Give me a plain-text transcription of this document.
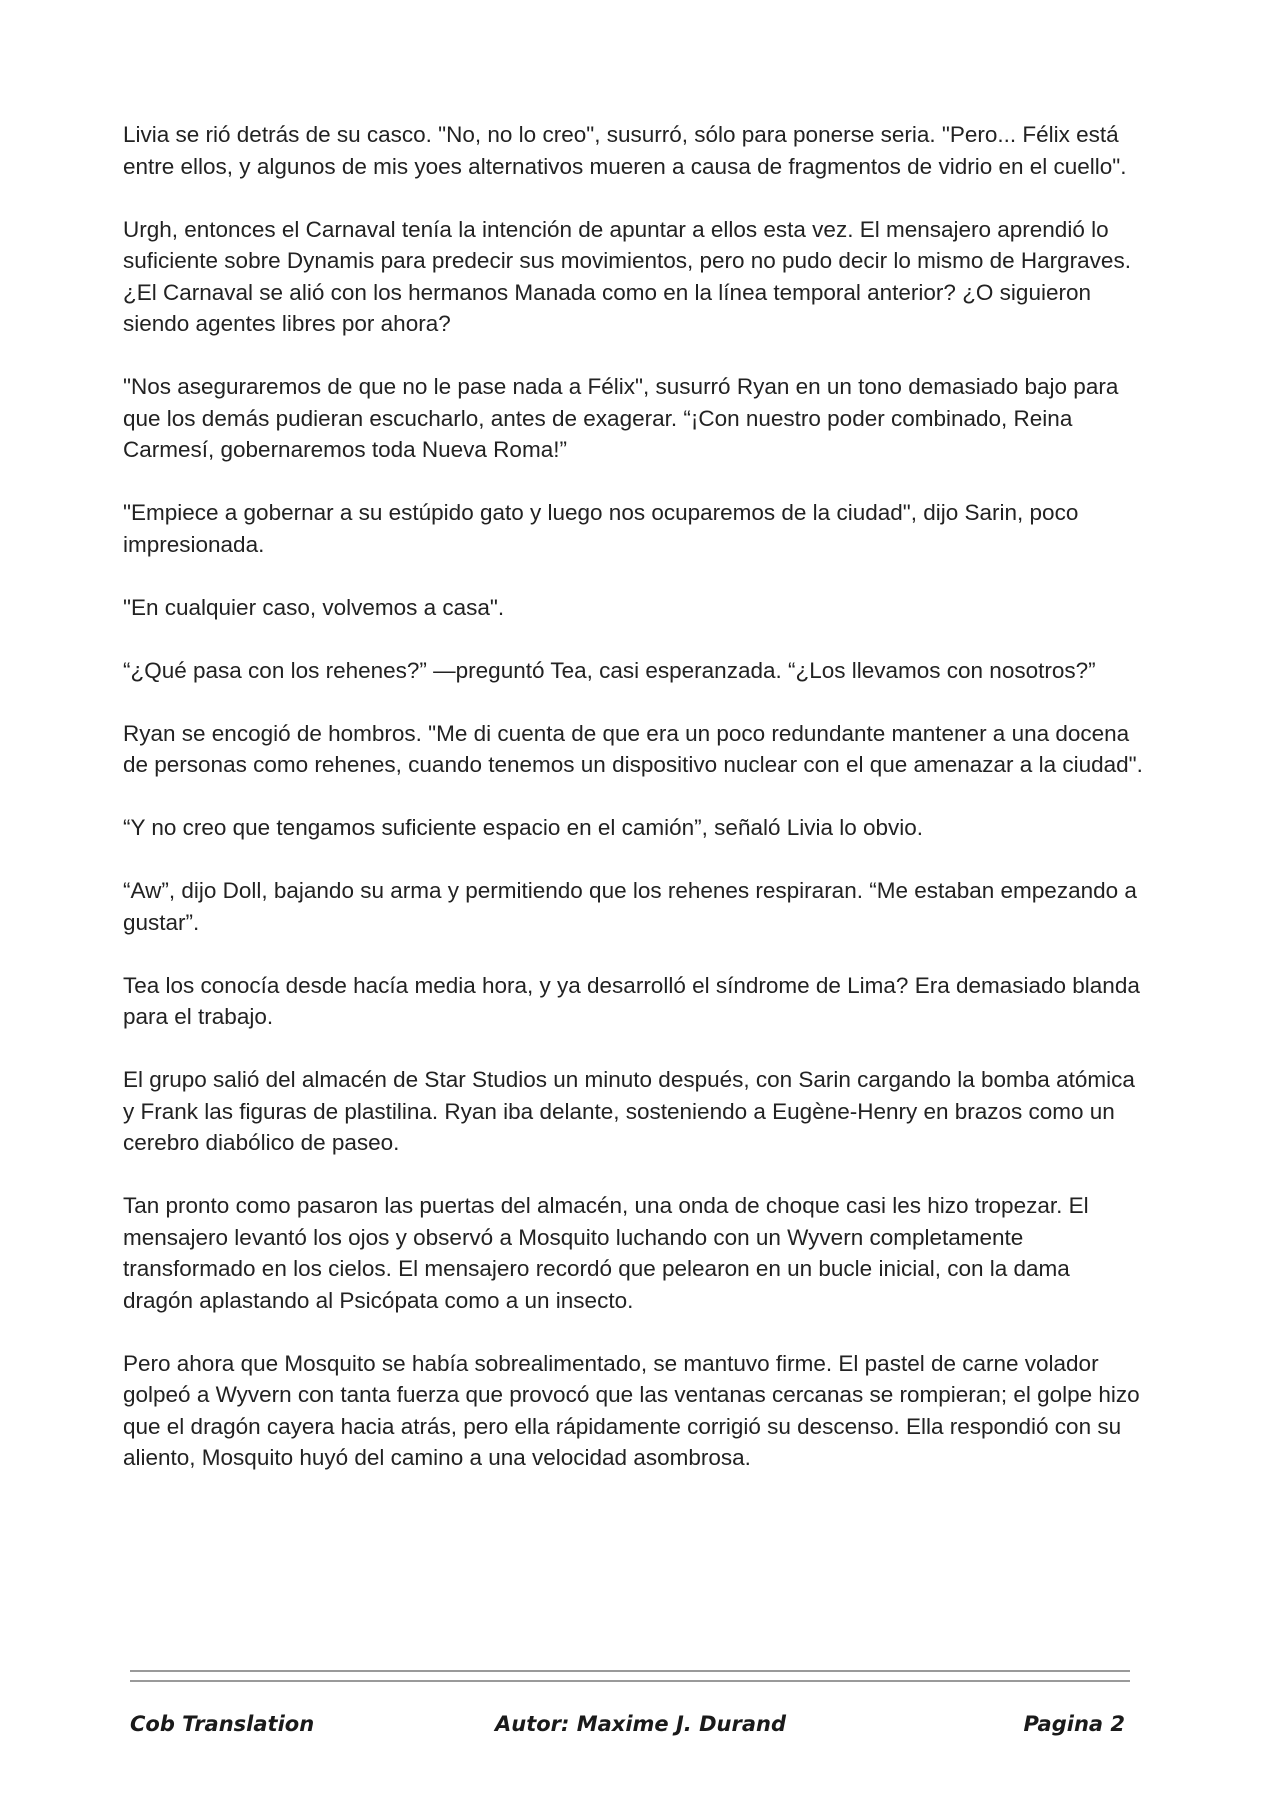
Livia se rió detrás de su casco. "No, no lo creo", susurró, sólo para ponerse seria. "Pero... Félix está entre ellos, y algunos de mis yoes alternativos mueren a causa de fragmentos de vidrio en el cuello".

Urgh, entonces el Carnaval tenía la intención de apuntar a ellos esta vez. El mensajero aprendió lo suficiente sobre Dynamis para predecir sus movimientos, pero no pudo decir lo mismo de Hargraves. ¿El Carnaval se alió con los hermanos Manada como en la línea temporal anterior? ¿O siguieron siendo agentes libres por ahora?

"Nos aseguraremos de que no le pase nada a Félix", susurró Ryan en un tono demasiado bajo para que los demás pudieran escucharlo, antes de exagerar. “¡Con nuestro poder combinado, Reina Carmesí, gobernaremos toda Nueva Roma!”

"Empiece a gobernar a su estúpido gato y luego nos ocuparemos de la ciudad", dijo Sarin, poco impresionada.

"En cualquier caso, volvemos a casa".

“¿Qué pasa con los rehenes?” —preguntó Tea, casi esperanzada. “¿Los llevamos con nosotros?”

Ryan se encogió de hombros. "Me di cuenta de que era un poco redundante mantener a una docena de personas como rehenes, cuando tenemos un dispositivo nuclear con el que amenazar a la ciudad".

“Y no creo que tengamos suficiente espacio en el camión”, señaló Livia lo obvio.

“Aw”, dijo Doll, bajando su arma y permitiendo que los rehenes respiraran. “Me estaban empezando a gustar”.

Tea los conocía desde hacía media hora, y ya desarrolló el síndrome de Lima? Era demasiado blanda para el trabajo.

El grupo salió del almacén de Star Studios un minuto después, con Sarin cargando la bomba atómica y Frank las figuras de plastilina. Ryan iba delante, sosteniendo a Eugène-Henry en brazos como un cerebro diabólico de paseo.

Tan pronto como pasaron las puertas del almacén, una onda de choque casi les hizo tropezar. El mensajero levantó los ojos y observó a Mosquito luchando con un Wyvern completamente transformado en los cielos. El mensajero recordó que pelearon en un bucle inicial, con la dama dragón aplastando al Psicópata como a un insecto.

Pero ahora que Mosquito se había sobrealimentado, se mantuvo firme. El pastel de carne volador golpeó a Wyvern con tanta fuerza que provocó que las ventanas cercanas se rompieran; el golpe hizo que el dragón cayera hacia atrás, pero ella rápidamente corrigió su descenso. Ella respondió con su aliento, Mosquito huyó del camino a una velocidad asombrosa.

Cob Translation	Autor: Maxime J. Durand	Pagina 2
